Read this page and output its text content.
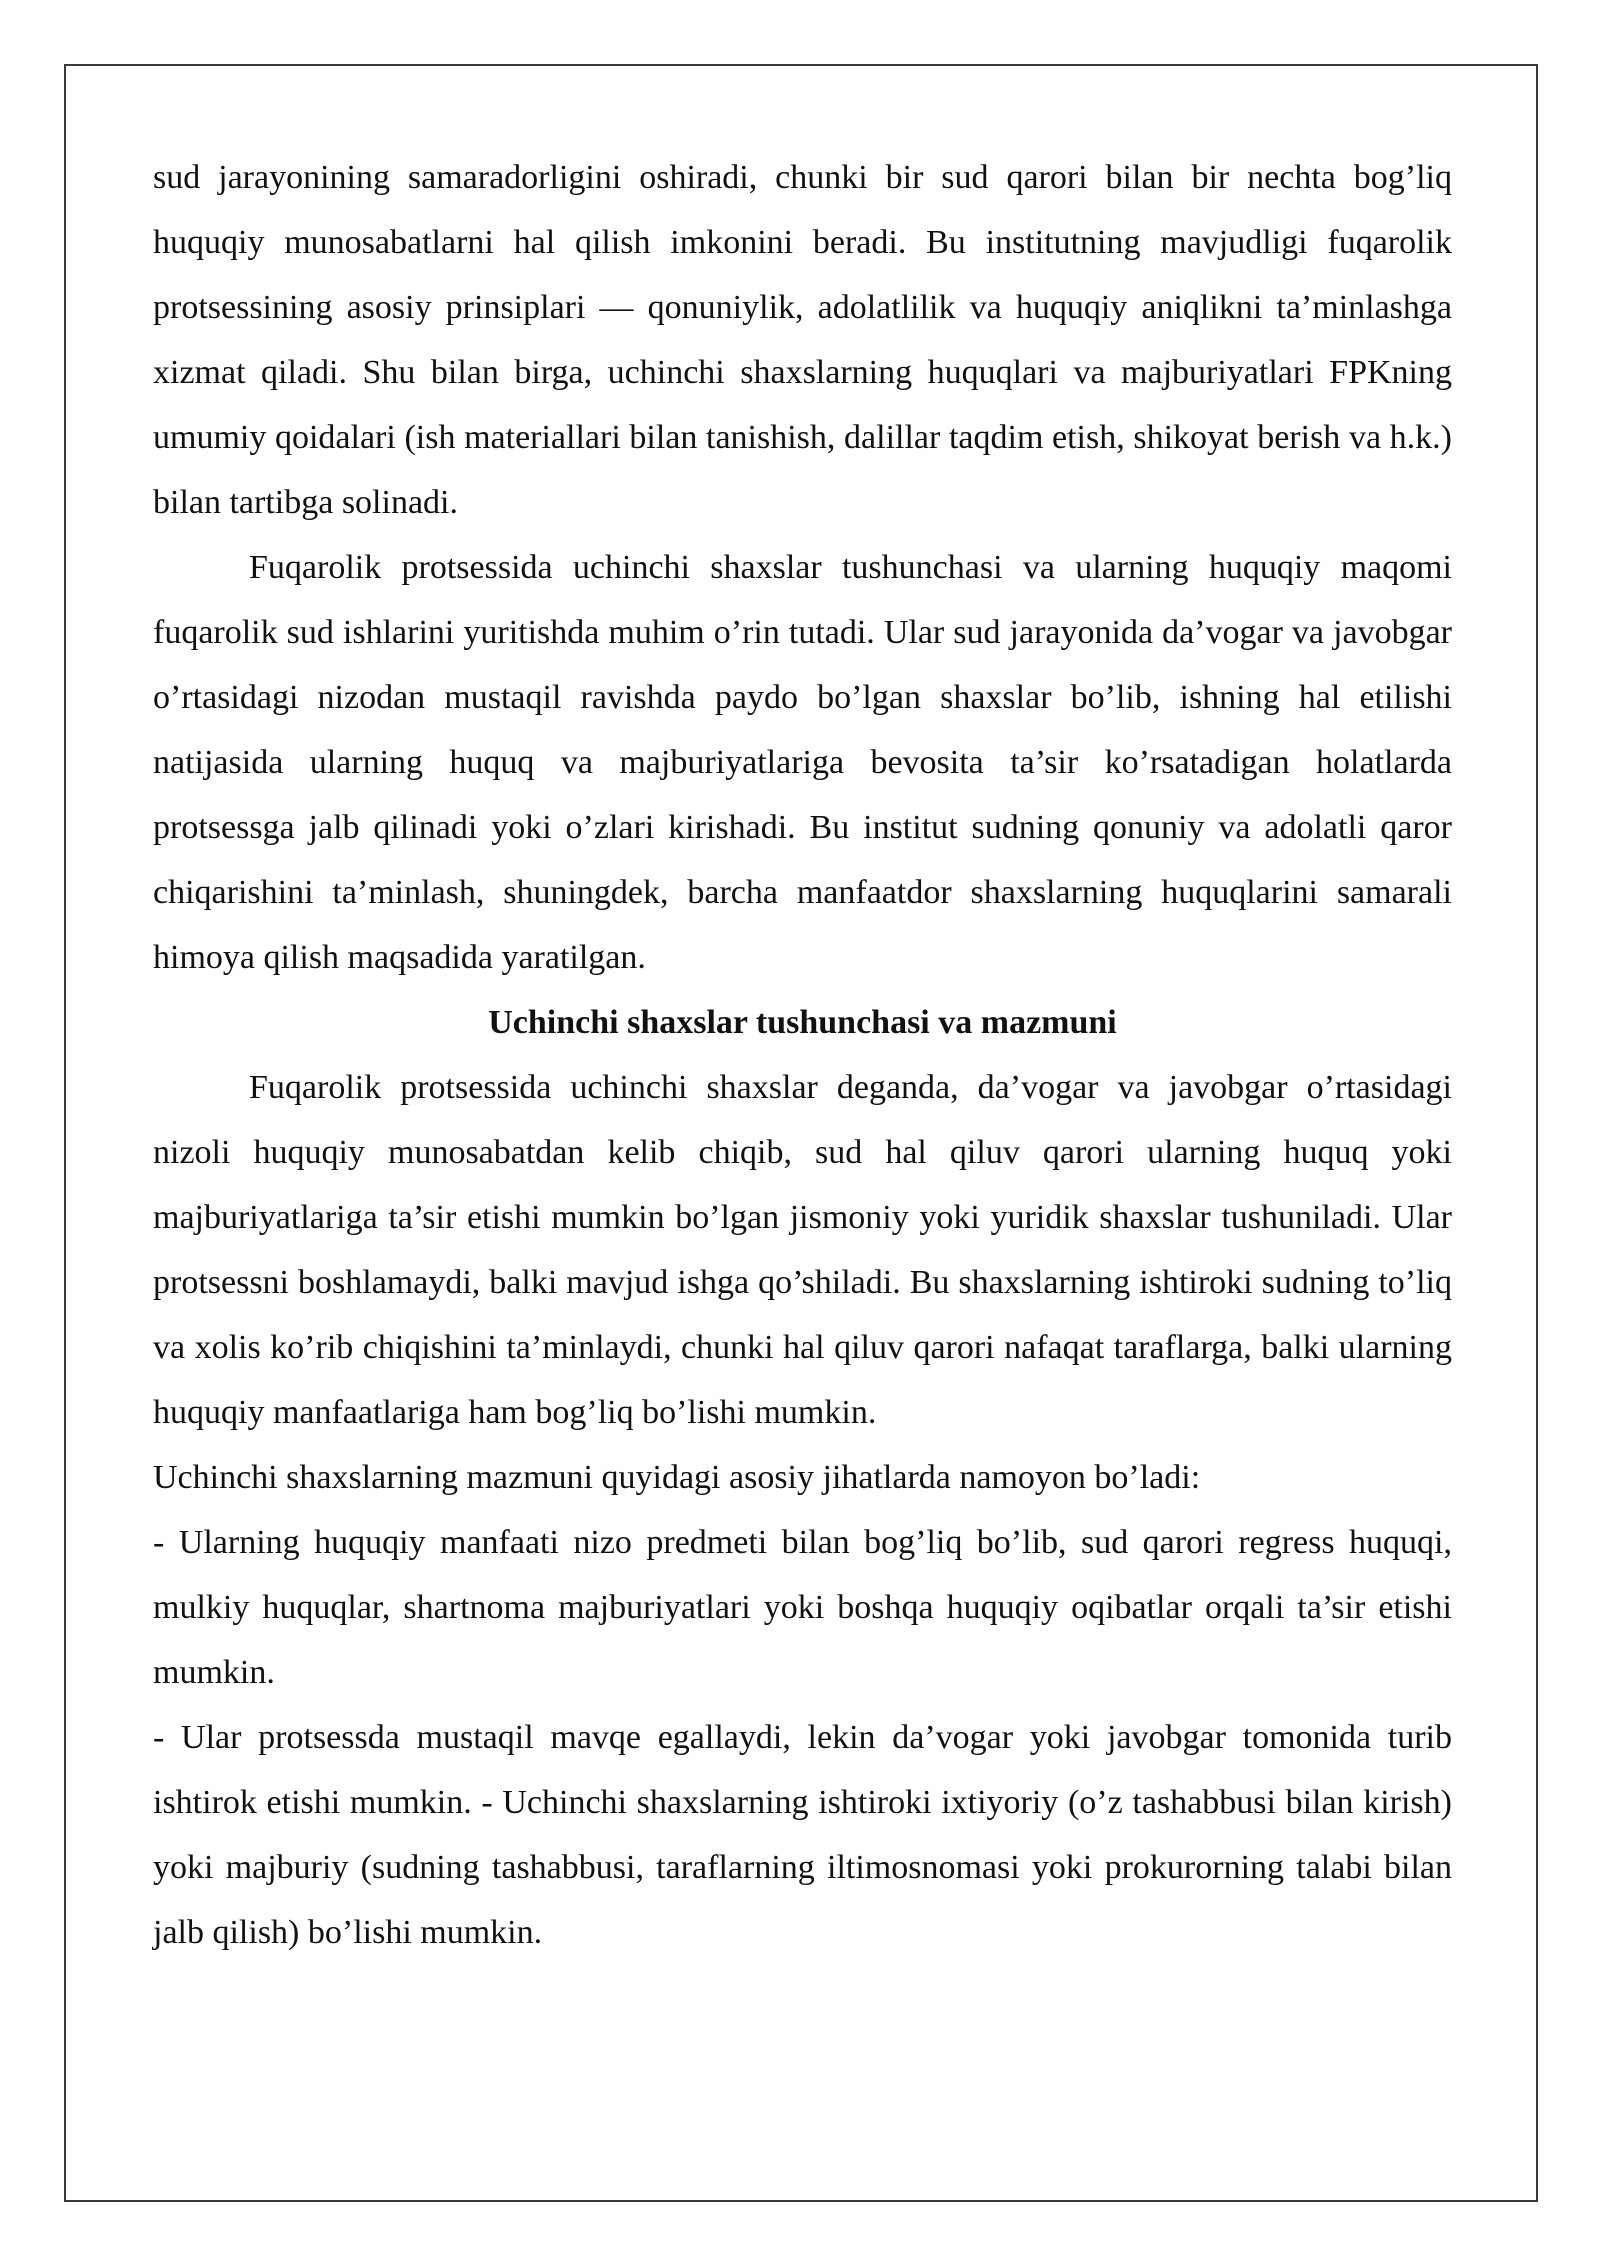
sud jarayonining samaradorligini oshiradi, chunki bir sud qarori bilan bir nechta bog’liq huquqiy munosabatlarni hal qilish imkonini beradi. Bu institutning mavjudligi fuqarolik protsessining asosiy prinsiplari — qonuniylik, adolatlilik va huquqiy aniqlikni ta’minlashga xizmat qiladi. Shu bilan birga, uchinchi shaxslarning huquqlari va majburiyatlari FPKning umumiy qoidalari (ish materiallari bilan tanishish, dalillar taqdim etish, shikoyat berish va h.k.) bilan tartibga solinadi.

Fuqarolik protsessida uchinchi shaxslar tushunchasi va ularning huquqiy maqomi fuqarolik sud ishlarini yuritishda muhim o’rin tutadi. Ular sud jarayonida da’vogar va javobgar o’rtasidagi nizodan mustaqil ravishda paydo bo’lgan shaxslar bo’lib, ishning hal etilishi natijasida ularning huquq va majburiyatlariga bevosita ta’sir ko’rsatadigan holatlarda protsessga jalb qilinadi yoki o’zlari kirishadi. Bu institut sudning qonuniy va adolatli qaror chiqarishini ta’minlash, shuningdek, barcha manfaatdor shaxslarning huquqlarini samarali himoya qilish maqsadida yaratilgan.

Uchinchi shaxslar tushunchasi va mazmuni

Fuqarolik protsessida uchinchi shaxslar deganda, da’vogar va javobgar o’rtasidagi nizoli huquqiy munosabatdan kelib chiqib, sud hal qiluv qarori ularning huquq yoki majburiyatlariga ta’sir etishi mumkin bo’lgan jismoniy yoki yuridik shaxslar tushuniladi. Ular protsessni boshlamaydi, balki mavjud ishga qo’shiladi. Bu shaxslarning ishtiroki sudning to’liq va xolis ko’rib chiqishini ta’minlaydi, chunki hal qiluv qarori nafaqat taraflarga, balki ularning huquqiy manfaatlariga ham bog’liq bo’lishi mumkin.

Uchinchi shaxslarning mazmuni quyidagi asosiy jihatlarda namoyon bo’ladi:

- Ularning huquqiy manfaati nizo predmeti bilan bog’liq bo’lib, sud qarori regress huquqi, mulkiy huquqlar, shartnoma majburiyatlari yoki boshqa huquqiy oqibatlar orqali ta’sir etishi mumkin.

- Ular protsessda mustaqil mavqe egallaydi, lekin da’vogar yoki javobgar tomonida turib ishtirok etishi mumkin. - Uchinchi shaxslarning ishtiroki ixtiyoriy (o’z tashabbusi bilan kirish) yoki majburiy (sudning tashabbusi, taraflarning iltimosnomasi yoki prokurorning talabi bilan jalb qilish) bo’lishi mumkin.
